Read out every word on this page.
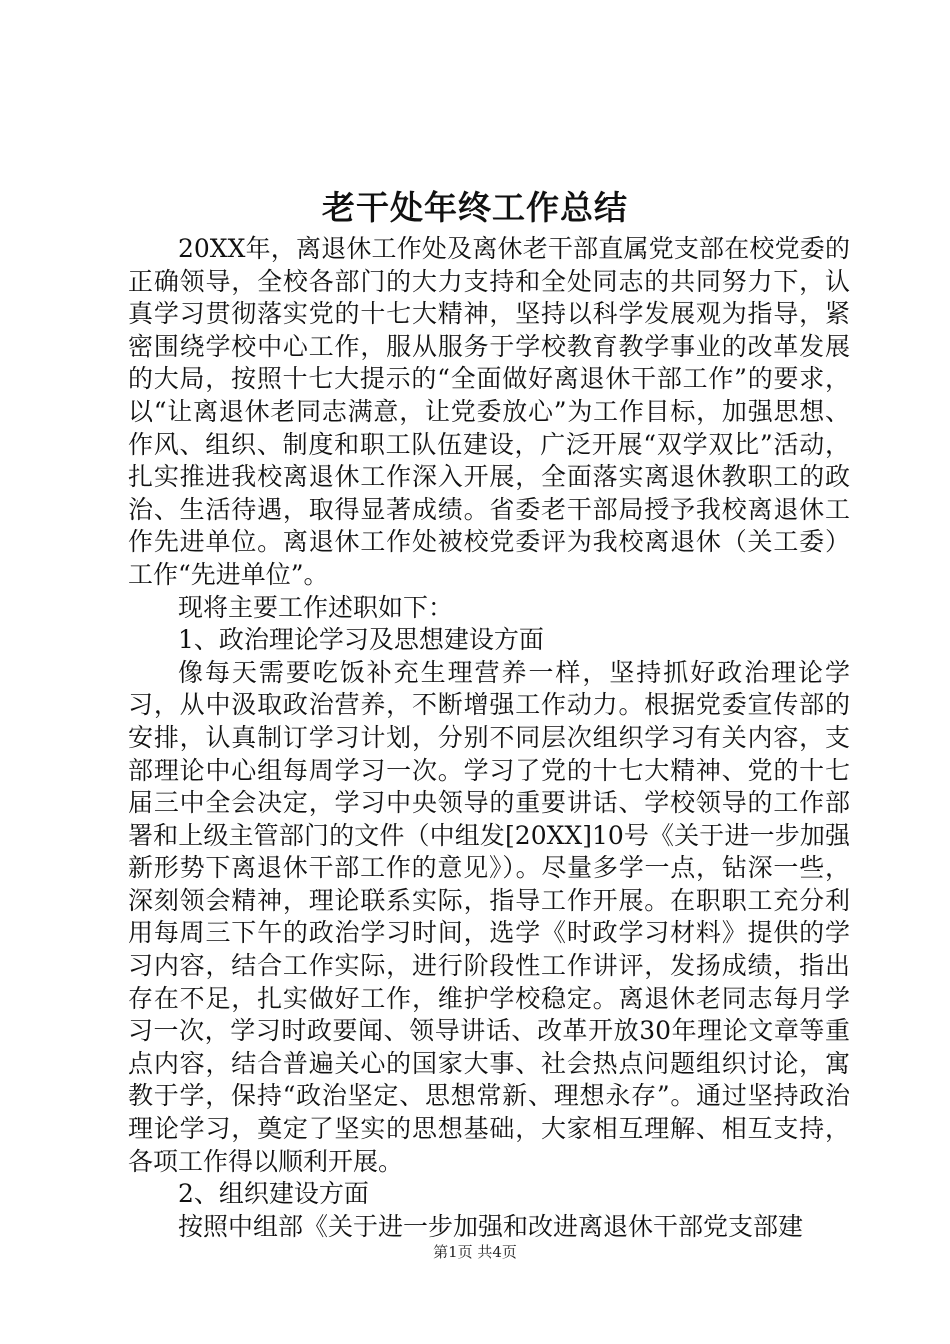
老干处年终工作总结

20XX年，离退休工作处及离休老干部直属党支部在校党委的正确领导，全校各部门的大力支持和全处同志的共同努力下，认真学习贯彻落实党的十七大精神，坚持以科学发展观为指导，紧密围绕学校中心工作，服从服务于学校教育教学事业的改革发展的大局，按照十七大提示的“全面做好离退休干部工作”的要求，以“让离退休老同志满意，让党委放心”为工作目标，加强思想、作风、组织、制度和职工队伍建设，广泛开展“双学双比”活动，扎实推进我校离退休工作深入开展，全面落实离退休教职工的政治、生活待遇，取得显著成绩。省委老干部局授予我校离退休工作先进单位。离退休工作处被校党委评为我校离退休（关工委）工作“先进单位”。

现将主要工作述职如下：

1、政治理论学习及思想建设方面

像每天需要吃饭补充生理营养一样，坚持抓好政治理论学习，从中汲取政治营养，不断增强工作动力。根据党委宣传部的安排，认真制订学习计划，分别不同层次组织学习有关内容，支部理论中心组每周学习一次。学习了党的十七大精神、党的十七届三中全会决定，学习中央领导的重要讲话、学校领导的工作部署和上级主管部门的文件（中组发[20XX]10号《关于进一步加强新形势下离退休干部工作的意见》）。尽量多学一点，钻深一些，深刻领会精神，理论联系实际，指导工作开展。在职职工充分利用每周三下午的政治学习时间，选学《时政学习材料》提供的学习内容，结合工作实际，进行阶段性工作讲评，发扬成绩，指出存在不足，扎实做好工作，维护学校稳定。离退休老同志每月学习一次，学习时政要闻、领导讲话、改革开放30年理论文章等重点内容，结合普遍关心的国家大事、社会热点问题组织讨论，寓教于学，保持“政治坚定、思想常新、理想永存”。通过坚持政治理论学习，奠定了坚实的思想基础，大家相互理解、相互支持，各项工作得以顺利开展。

2、组织建设方面

按照中组部《关于进一步加强和改进离退休干部党支部建

第1页 共4页
